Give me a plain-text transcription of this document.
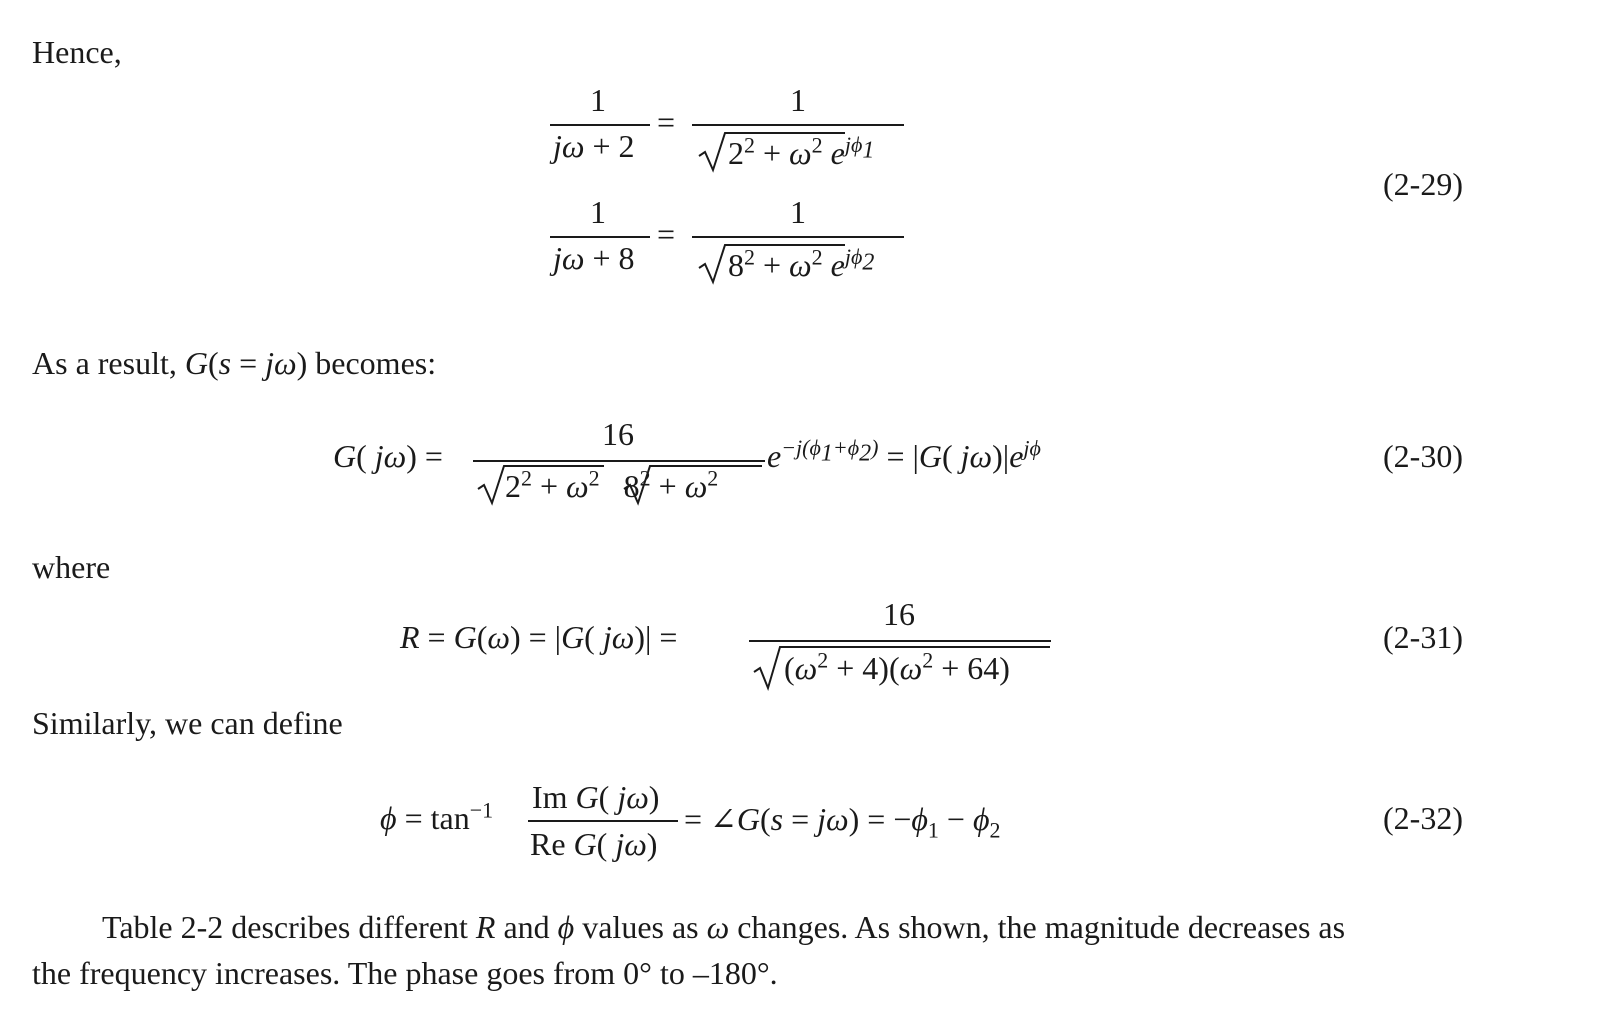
Hence,
1
jω + 2
=
1
$2^2 + \omega^2$ $e^{j\phi_1}$
1
jω + 8
=
1
$8^2 + \omega^2$ $e^{j\phi_2}$
(2-29)
As a result, G(s = jω) becomes:
G( jω) =
16
$2^2 + \omega^2$   $8^2 + \omega^2$
$e^{-j(\phi_1+\phi_2)} = |G$( $j\omega)|e^{j\phi}$	(2-30)
where
R = G(ω) = |G( jω)| =
16
$(\omega^2 + 4)(\omega^2 + 64)$
(2-31)
Similarly, we can define
$\phi = \tan^{-1} Im$ G( jω)
Re G( jω)
= ∠G(s = $j\omega) = -\phi_1 - \phi_2$	(2-32)
Table 2-2 describes different R and ϕ values as ω changes. As shown, the magnitude decreases as
the frequency increases. The phase goes from 0° to –180°.
